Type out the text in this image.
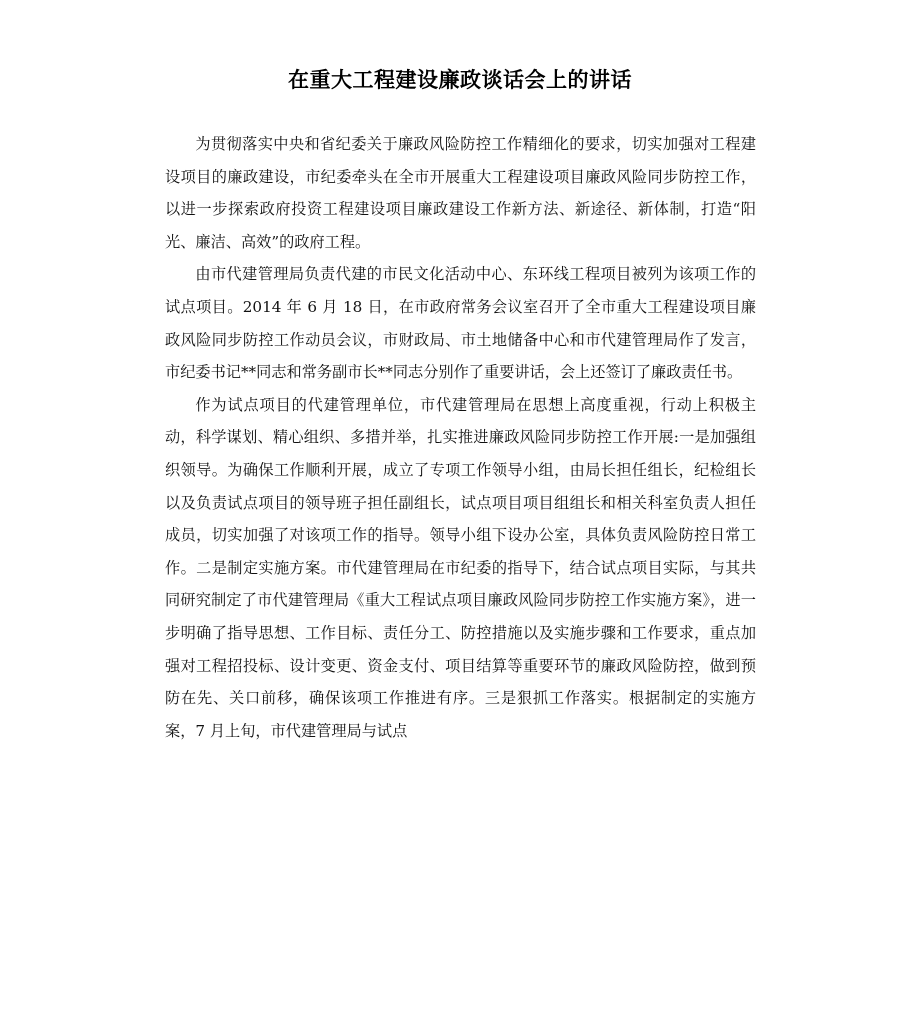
在重大工程建设廉政谈话会上的讲话

为贯彻落实中央和省纪委关于廉政风险防控工作精细化的要求，切实加强对工程建设项目的廉政建设，市纪委牵头在全市开展重大工程建设项目廉政风险同步防控工作，以进一步探索政府投资工程建设项目廉政建设工作新方法、新途径、新体制，打造“阳光、廉洁、高效”的政府工程。

由市代建管理局负责代建的市民文化活动中心、东环线工程项目被列为该项工作的试点项目。2014 年 6 月 18 日，在市政府常务会议室召开了全市重大工程建设项目廉政风险同步防控工作动员会议，市财政局、市土地储备中心和市代建管理局作了发言，市纪委书记**同志和常务副市长**同志分别作了重要讲话，会上还签订了廉政责任书。

作为试点项目的代建管理单位，市代建管理局在思想上高度重视，行动上积极主动，科学谋划、精心组织、多措并举，扎实推进廉政风险同步防控工作开展:一是加强组织领导。为确保工作顺利开展，成立了专项工作领导小组，由局长担任组长，纪检组长以及负责试点项目的领导班子担任副组长，试点项目项目组组长和相关科室负责人担任成员，切实加强了对该项工作的指导。领导小组下设办公室，具体负责风险防控日常工作。二是制定实施方案。市代建管理局在市纪委的指导下，结合试点项目实际，与其共同研究制定了市代建管理局《重大工程试点项目廉政风险同步防控工作实施方案》，进一步明确了指导思想、工作目标、责任分工、防控措施以及实施步骤和工作要求，重点加强对工程招投标、设计变更、资金支付、项目结算等重要环节的廉政风险防控，做到预防在先、关口前移，确保该项工作推进有序。三是狠抓工作落实。根据制定的实施方案，7 月上旬，市代建管理局与试点
